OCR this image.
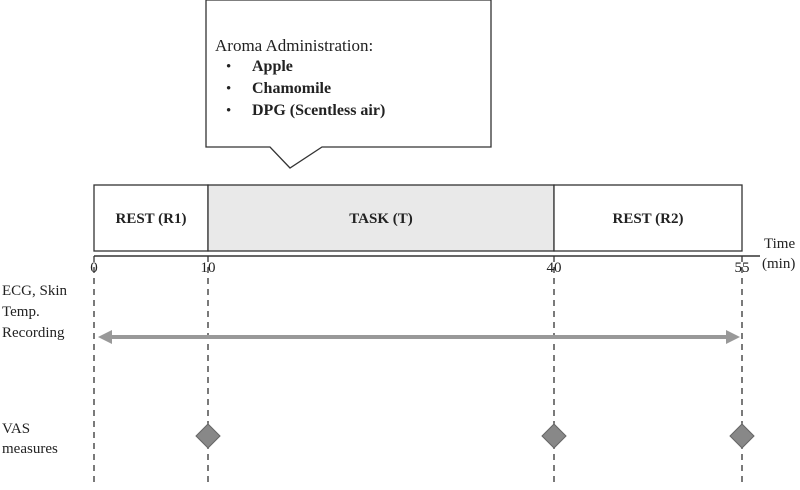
Aroma Administration:
• Apple
• Chamomile
• DPG (Scentless air)
REST (R1)	TASK (T)	REST (R2)
Time
(min)
0	10	40	55
ECG, Skin
Temp.
Recording
VAS
measures
